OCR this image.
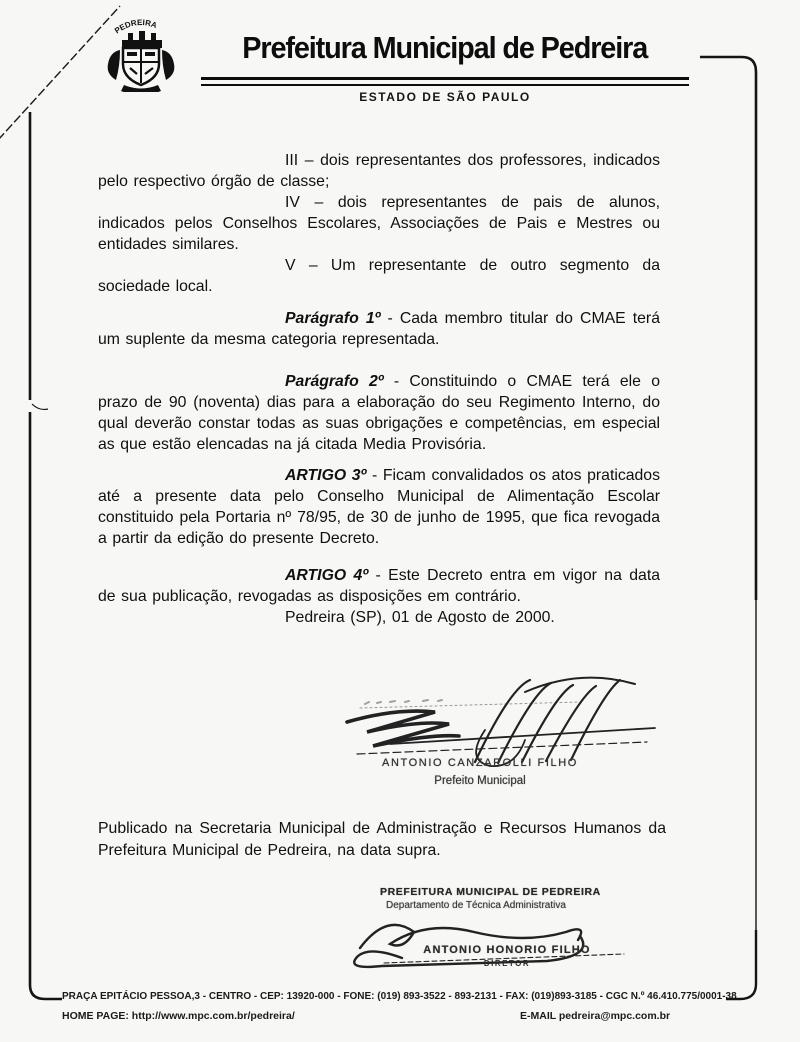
PEDREIRA
Prefeitura Municipal de Pedreira
ESTADO DE SÃO PAULO

III – dois representantes dos professores, indicados pelo respectivo órgão de classe;

IV – dois representantes de pais de alunos, indicados pelos Conselhos Escolares, Associações de Pais e Mestres ou entidades similares.

V – Um representante de outro segmento da sociedade local.

Parágrafo 1º - Cada membro titular do CMAE terá um suplente da mesma categoria representada.

Parágrafo 2º - Constituindo o CMAE terá ele o prazo de 90 (noventa) dias para a elaboração do seu Regimento Interno, do qual deverão constar todas as suas obrigações e competências, em especial as que estão elencadas na já citada Media Provisória.

ARTIGO 3º - Ficam convalidados os atos praticados até a presente data pelo Conselho Municipal de Alimentação Escolar constituido pela Portaria nº 78/95, de 30 de junho de 1995, que fica revogada a partir da edição do presente Decreto.

ARTIGO 4º - Este Decreto entra em vigor na data de sua publicação, revogadas as disposições em contrário.

Pedreira (SP), 01 de Agosto de 2000.

ANTONIO CANZAROLLI FILHO
Prefeito Municipal
Publicado na Secretaria Municipal de Administração e Recursos Humanos da Prefeitura Municipal de Pedreira, na data supra.
PREFEITURA MUNICIPAL DE PEDREIRA
Departamento de Técnica Administrativa
ANTONIO HONORIO FILHO
DIRETOR
PRAÇA EPITÁCIO PESSOA,3 - CENTRO - CEP: 13920-000 - FONE: (019) 893-3522 - 893-2131 - FAX: (019)893-3185 - CGC N.º 46.410.775/0001-38
HOME PAGE: http://www.mpc.com.br/pedreira/	E-MAIL pedreira@mpc.com.br
